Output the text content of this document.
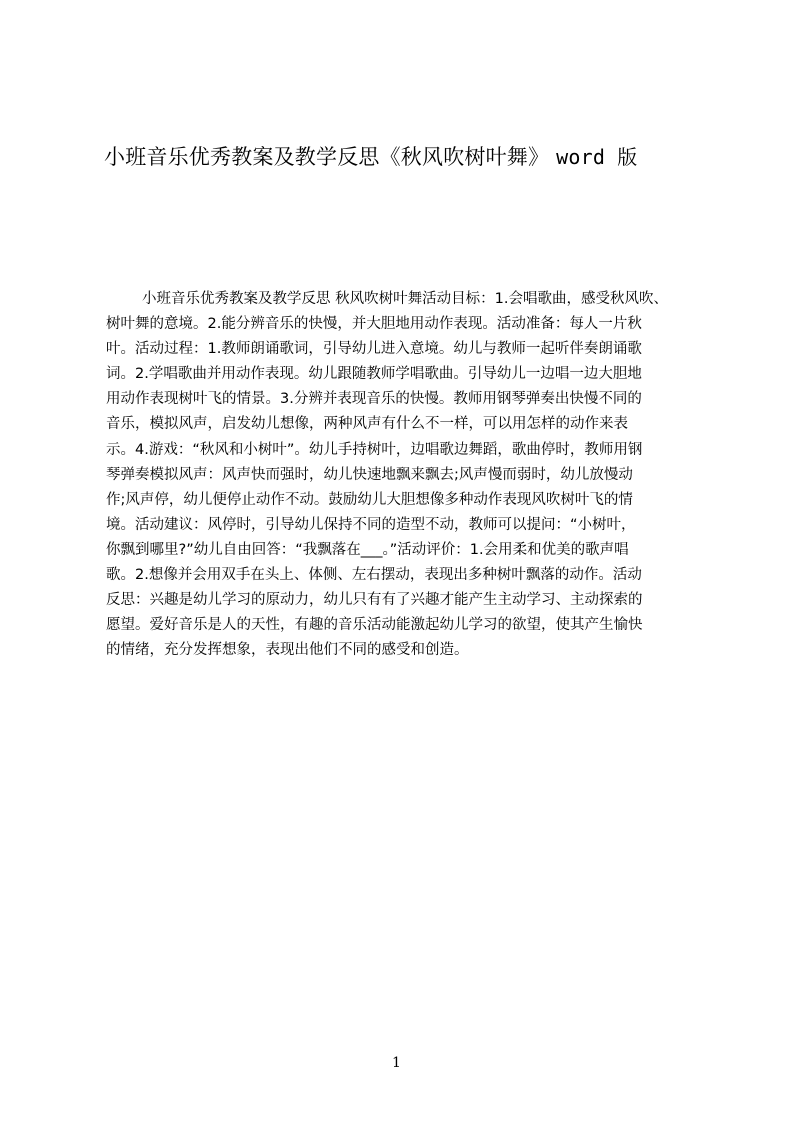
小班音乐优秀教案及教学反思《秋风吹树叶舞》 word 版
小班音乐优秀教案及教学反思 秋风吹树叶舞活动目标：1.会唱歌曲，感受秋风吹、
树叶舞的意境。2.能分辨音乐的快慢，并大胆地用动作表现。活动准备：每人一片秋
叶。活动过程：1.教师朗诵歌词，引导幼儿进入意境。幼儿与教师一起听伴奏朗诵歌
词。2.学唱歌曲并用动作表现。幼儿跟随教师学唱歌曲。引导幼儿一边唱一边大胆地
用动作表现树叶飞的情景。3.分辨并表现音乐的快慢。教师用钢琴弹奏出快慢不同的
音乐，模拟风声，启发幼儿想像，两种风声有什么不一样，可以用怎样的动作来表
示。4.游戏：“秋风和小树叶”。幼儿手持树叶，边唱歌边舞蹈，歌曲停时，教师用钢
琴弹奏模拟风声：风声快而强时，幼儿快速地飘来飘去;风声慢而弱时，幼儿放慢动
作;风声停，幼儿便停止动作不动。鼓励幼儿大胆想像多种动作表现风吹树叶飞的情
境。活动建议：风停时，引导幼儿保持不同的造型不动，教师可以提问：“小树叶，
你飘到哪里?”幼儿自由回答：“我飘落在___。”活动评价：1.会用柔和优美的歌声唱
歌。2.想像并会用双手在头上、体侧、左右摆动，表现出多种树叶飘落的动作。活动
反思：兴趣是幼儿学习的原动力，幼儿只有有了兴趣才能产生主动学习、主动探索的
愿望。爱好音乐是人的天性，有趣的音乐活动能激起幼儿学习的欲望，使其产生愉快
的情绪，充分发挥想象，表现出他们不同的感受和创造。
1
